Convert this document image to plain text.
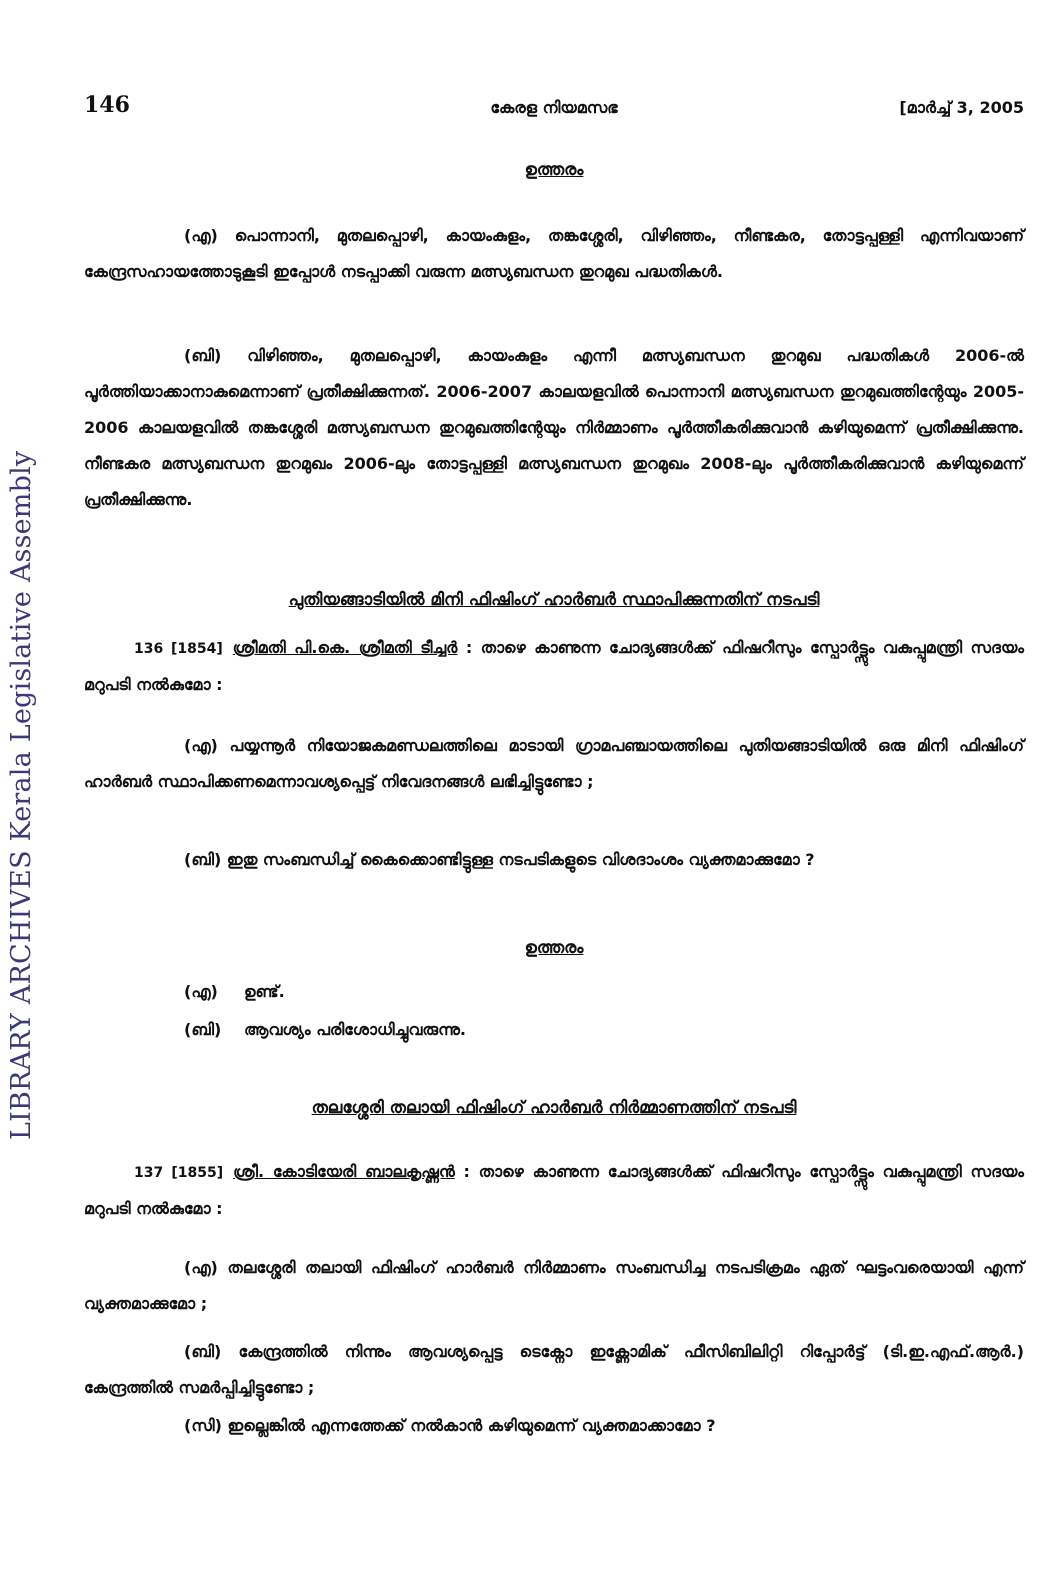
LIBRARY ARCHIVES Kerala Legislative Assembly
146	കേരള നിയമസഭ	[മാർച്ച് 3, 2005
ഉത്തരം
(എ) പൊന്നാനി, മുതലപ്പൊഴി, കായംകുളം, തങ്കശ്ശേരി, വിഴിഞ്ഞം, നീണ്ടകര, തോട്ടപ്പള്ളി എന്നിവയാണ് കേന്ദ്രസഹായത്തോടുകൂടി ഇപ്പോൾ നടപ്പാക്കി വരുന്ന മത്സ്യബന്ധന തുറമുഖ പദ്ധതികൾ.
(ബി) വിഴിഞ്ഞം, മുതലപ്പൊഴി, കായംകുളം എന്നീ മത്സ്യബന്ധന തുറമുഖ പദ്ധതികൾ 2006-ൽ പൂർത്തിയാക്കാനാകുമെന്നാണ് പ്രതീക്ഷിക്കുന്നത്. 2006-2007 കാലയളവിൽ പൊന്നാനി മത്സ്യബന്ധന തുറമുഖത്തിന്റേയും 2005-2006 കാലയളവിൽ തങ്കശ്ശേരി മത്സ്യബന്ധന തുറമുഖത്തിന്റേയും നിർമ്മാണം പൂർത്തീകരിക്കുവാൻ കഴിയുമെന്ന് പ്രതീക്ഷിക്കുന്നു. നീണ്ടകര മത്സ്യബന്ധന തുറമുഖം 2006-ലും തോട്ടപ്പള്ളി മത്സ്യബന്ധന തുറമുഖം 2008-ലും പൂർത്തീകരിക്കുവാൻ കഴിയുമെന്ന് പ്രതീക്ഷിക്കുന്നു.
പുതിയങ്ങാടിയിൽ മിനി ഫിഷിംഗ് ഹാർബർ സ്ഥാപിക്കുന്നതിന് നടപടി
136 [1854] ശ്രീമതി പി.കെ. ശ്രീമതി ടീച്ചർ : താഴെ കാണുന്ന ചോദ്യങ്ങൾക്ക് ഫിഷറീസും സ്പോർട്ട്സും വകുപ്പുമന്ത്രി സദയം മറുപടി നൽകുമോ :
(എ) പയ്യന്നൂർ നിയോജകമണ്ഡലത്തിലെ മാടായി ഗ്രാമപഞ്ചായത്തിലെ പുതിയങ്ങാടിയിൽ ഒരു മിനി ഫിഷിംഗ് ഹാർബർ സ്ഥാപിക്കണമെന്നാവശ്യപ്പെട്ട് നിവേദനങ്ങൾ ലഭിച്ചിട്ടുണ്ടോ ;
(ബി) ഇതു സംബന്ധിച്ച് കൈക്കൊണ്ടിട്ടുള്ള നടപടികളുടെ വിശദാംശം വ്യക്തമാക്കുമോ ?
ഉത്തരം
(എ) ഉണ്ട്.
(ബി) ആവശ്യം പരിശോധിച്ചുവരുന്നു.
തലശ്ശേരി തലായി ഫിഷിംഗ് ഹാർബർ നിർമ്മാണത്തിന് നടപടി
137 [1855] ശ്രീ. കോടിയേരി ബാലകൃഷ്ണൻ : താഴെ കാണുന്ന ചോദ്യങ്ങൾക്ക് ഫിഷറീസും സ്പോർട്ട്സും വകുപ്പുമന്ത്രി സദയം മറുപടി നൽകുമോ :
(എ) തലശ്ശേരി തലായി ഫിഷിംഗ് ഹാർബർ നിർമ്മാണം സംബന്ധിച്ച നടപടിക്രമം ഏത് ഘട്ടംവരെയായി എന്ന് വ്യക്തമാക്കുമോ ;
(ബി) കേന്ദ്രത്തിൽ നിന്നും ആവശ്യപ്പെട്ട ടെക്നോ ഇക്ണോമിക് ഫീസിബിലിറ്റി റിപ്പോർട്ട് (ടി.ഇ.എഫ്.ആർ.) കേന്ദ്രത്തിൽ സമർപ്പിച്ചിട്ടുണ്ടോ ;
(സി) ഇല്ലെങ്കിൽ എന്നത്തേക്ക് നൽകാൻ കഴിയുമെന്ന് വ്യക്തമാക്കാമോ ?
